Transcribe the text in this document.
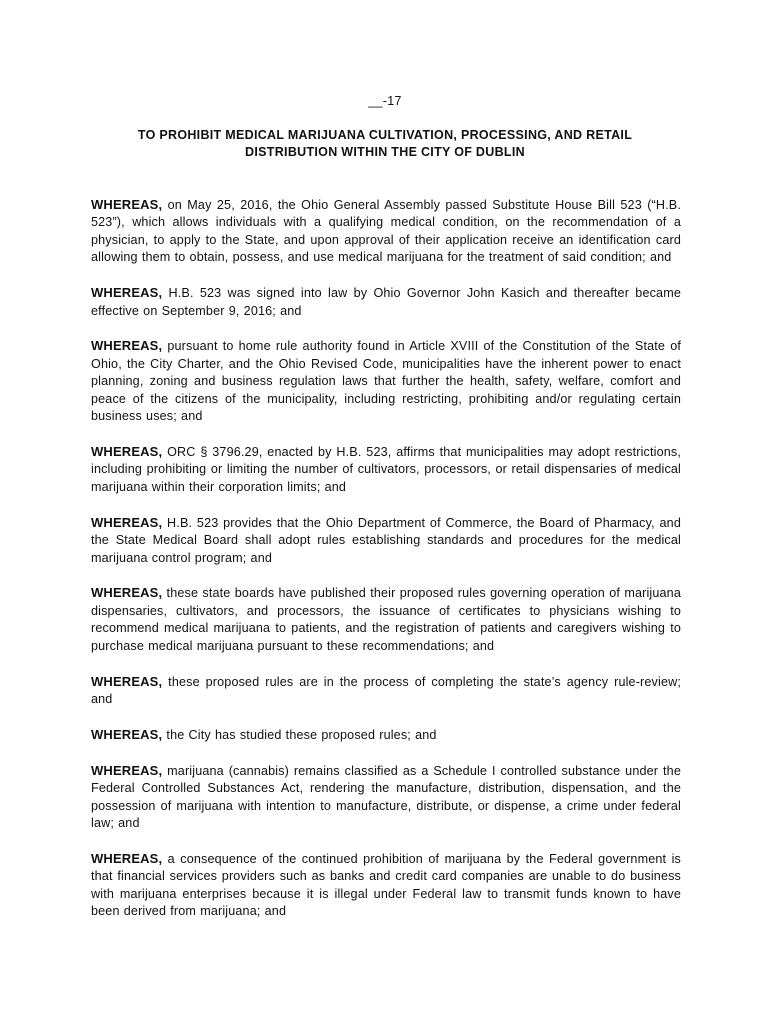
__-17
TO PROHIBIT MEDICAL MARIJUANA CULTIVATION, PROCESSING, AND RETAIL
DISTRIBUTION WITHIN THE CITY OF DUBLIN

WHEREAS, on May 25, 2016, the Ohio General Assembly passed Substitute House Bill 523 (“H.B. 523”), which allows individuals with a qualifying medical condition, on the recommendation of a physician, to apply to the State, and upon approval of their application receive an identification card allowing them to obtain, possess, and use medical marijuana for the treatment of said condition; and

WHEREAS, H.B. 523 was signed into law by Ohio Governor John Kasich and thereafter became effective on September 9, 2016; and

WHEREAS, pursuant to home rule authority found in Article XVIII of the Constitution of the State of Ohio, the City Charter, and the Ohio Revised Code, municipalities have the inherent power to enact planning, zoning and business regulation laws that further the health, safety, welfare, comfort and peace of the citizens of the municipality, including restricting, prohibiting and/or regulating certain business uses; and

WHEREAS, ORC § 3796.29, enacted by H.B. 523, affirms that municipalities may adopt restrictions, including prohibiting or limiting the number of cultivators, processors, or retail dispensaries of medical marijuana within their corporation limits; and

WHEREAS, H.B. 523 provides that the Ohio Department of Commerce, the Board of Pharmacy, and the State Medical Board shall adopt rules establishing standards and procedures for the medical marijuana control program; and

WHEREAS, these state boards have published their proposed rules governing operation of marijuana dispensaries, cultivators, and processors, the issuance of certificates to physicians wishing to recommend medical marijuana to patients, and the registration of patients and caregivers wishing to purchase medical marijuana pursuant to these recommendations; and

WHEREAS, these proposed rules are in the process of completing the state’s agency rule-review; and

WHEREAS, the City has studied these proposed rules; and

WHEREAS, marijuana (cannabis) remains classified as a Schedule I controlled substance under the Federal Controlled Substances Act, rendering the manufacture, distribution, dispensation, and the possession of marijuana with intention to manufacture, distribute, or dispense, a crime under federal law; and

WHEREAS, a consequence of the continued prohibition of marijuana by the Federal government is that financial services providers such as banks and credit card companies are unable to do business with marijuana enterprises because it is illegal under Federal law to transmit funds known to have been derived from marijuana; and
